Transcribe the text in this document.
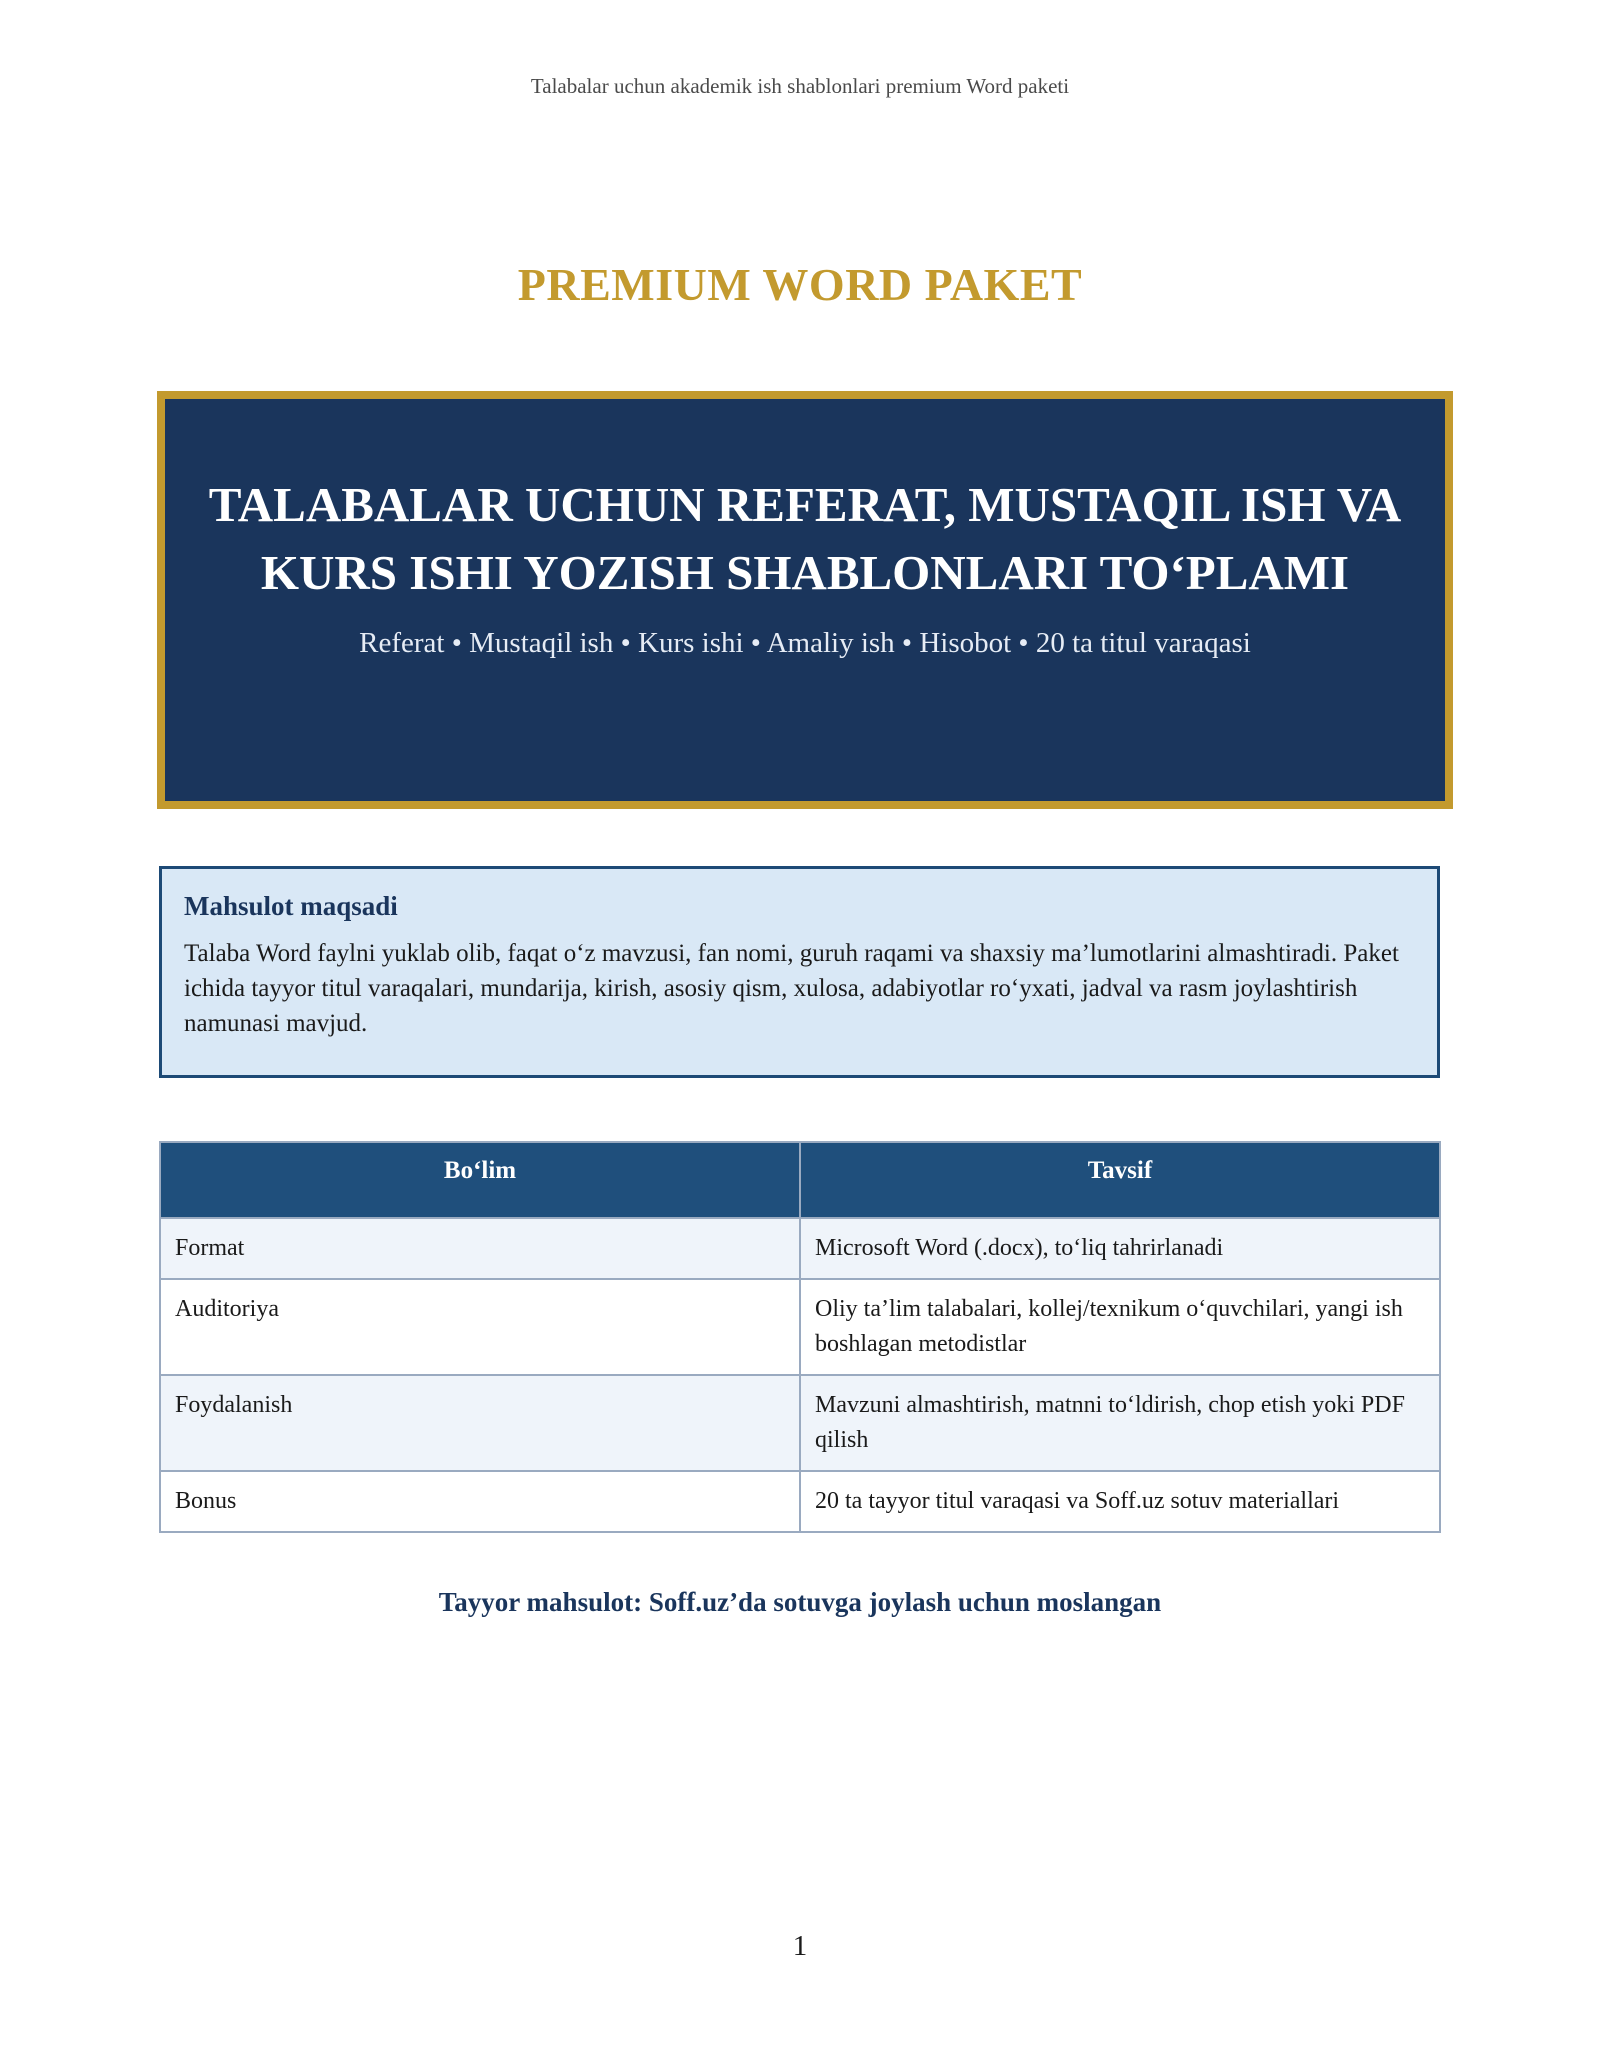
Talabalar uchun akademik ish shablonlari premium Word paketi
PREMIUM WORD PAKET
TALABALAR UCHUN REFERAT, MUSTAQIL ISH VA KURS ISHI YOZISH SHABLONLARI TO‘PLAMI
Referat • Mustaqil ish • Kurs ishi • Amaliy ish • Hisobot • 20 ta titul varaqasi

Mahsulot maqsadi

Talaba Word faylni yuklab olib, faqat o‘z mavzusi, fan nomi, guruh raqami va shaxsiy ma’lumotlarini almashtiradi. Paket ichida tayyor titul varaqalari, mundarija, kirish, asosiy qism, xulosa, adabiyotlar ro‘yxati, jadval va rasm joylashtirish namunasi mavjud.

Bo‘lim	Tavsif
Format	Microsoft Word (.docx), to‘liq tahrirlanadi
Auditoriya	Oliy ta’lim talabalari, kollej/texnikum o‘quvchilari, yangi ish boshlagan metodistlar
Foydalanish	Mavzuni almashtirish, matnni to‘ldirish, chop etish yoki PDF qilish
Bonus	20 ta tayyor titul varaqasi va Soff.uz sotuv materiallari
Tayyor mahsulot: Soff.uz’da sotuvga joylash uchun moslangan
1
